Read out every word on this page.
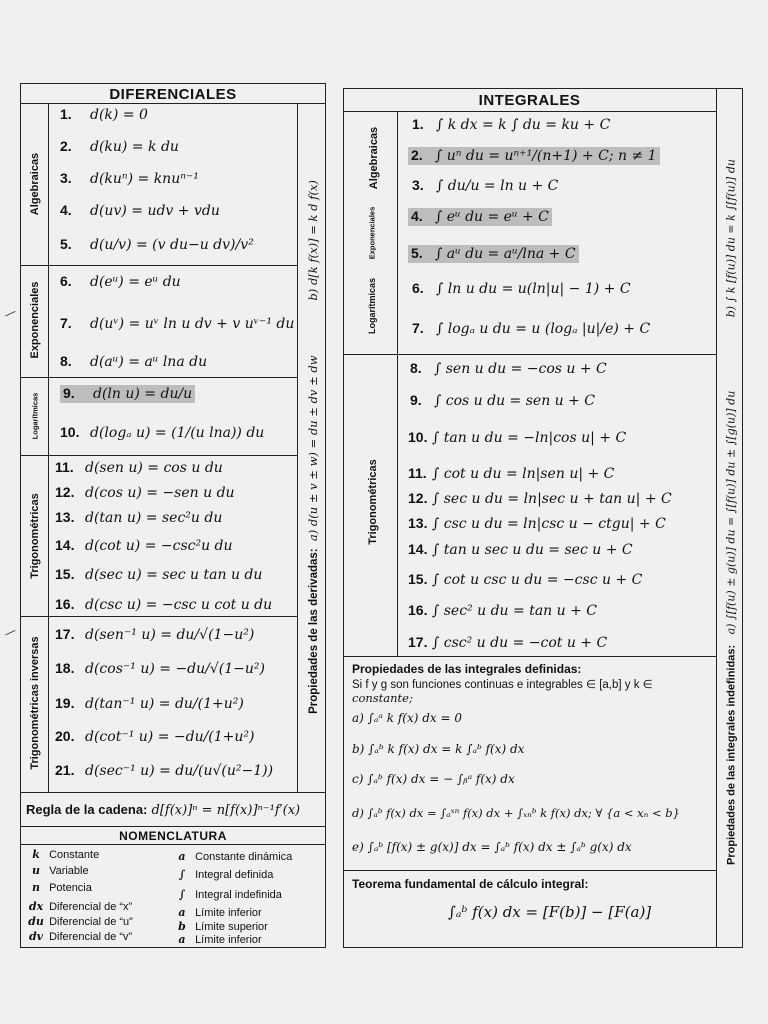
DIFERENCIALES
Algebraicas
Exponenciales
Logarítmicas
Trigonométricas
Trigonométricas inversas
1. d(k) = 0
2. d(ku) = k du
3. d(kuⁿ) = knuⁿ⁻¹
4. d(uv) = udv + vdu
5. d(u/v) = (v du−u dv)/v²
6. d(eᵘ) = eᵘ du
7. d(uᵛ) = uᵛ ln u dv + v uᵛ⁻¹ du
8. d(aᵘ) = aᵘ lna du
9. d(ln u) = du/u
10. d(logₐ u) = (1/(u lna)) du
11. d(sen u) = cos u du
12. d(cos u) = −sen u du
13. d(tan u) = sec²u du
14. d(cot u) = −csc²u du
15. d(sec u) = sec u tan u du
16. d(csc u) = −csc u cot u du
17. d(sen⁻¹ u) = du/√(1−u²)
18. d(cos⁻¹ u) = −du/√(1−u²)
19. d(tan⁻¹ u) = du/(1+u²)
20. d(cot⁻¹ u) = −du/(1+u²)
21. d(sec⁻¹ u) = du/(u√(u²−1))
Propiedades de las derivadas:  a) d(u ± v ± w) = du ± dv ± dw               b) d[k f(x)] = k d f(x)
Regla de la cadena: d[f(x)]ⁿ = n[f(x)]ⁿ⁻¹f′(x)
NOMENCLATURA
k Constante
u Variable
n Potencia
dx Diferencial de “x”
du Diferencial de “u”
dv Diferencial de “v”
a Constante dinámica
∫ Integral definida
∫ Integral indefinida
a Límite inferior
b Límite superior
a Límite inferior
—
—
INTEGRALES
Algebraicas
Exponenciales
Logarítmicas
Trigonométricas
1. ∫ k dx = k ∫ du = ku + C
2. ∫ uⁿ du = uⁿ⁺¹/(n+1) + C; n ≠ 1
3. ∫ du/u = ln u + C
4. ∫ eᵘ du = eᵘ + C
5. ∫ aᵘ du = aᵘ/lna + C
6. ∫ ln u du = u(ln|u| − 1) + C
7. ∫ logₐ u du = u (logₐ |u|/e) + C
8. ∫ sen u du = −cos u + C
9. ∫ cos u du = sen u + C
10. ∫ tan u du = −ln|cos u| + C
11. ∫ cot u du = ln|sen u| + C
12. ∫ sec u du = ln|sec u + tan u| + C
13. ∫ csc u du = ln|csc u − ctgu| + C
14. ∫ tan u sec u du = sec u + C
15. ∫ cot u csc u du = −csc u + C
16. ∫ sec² u du = tan u + C
17. ∫ csc² u du = −cot u + C
Propiedades de las integrales indefinidas:   a) ∫[f(u) ± g(u)] du = ∫[f(u)] du ± ∫[g(u)] du                     b) ∫ k [f(u)] du = k ∫[f(u)] du
Propiedades de las integrales definidas:
Si f y g son funciones continuas e integrables ∈ [a,b] y k ∈
constante;
a) ∫ₐᵃ k f(x) dx = 0
b) ∫ₐᵇ k f(x) dx = k ∫ₐᵇ f(x) dx
c) ∫ₐᵇ f(x) dx = − ∫ᵦᵃ f(x) dx
d) ∫ₐᵇ f(x) dx = ∫ₐˣⁿ f(x) dx + ∫ₓₙᵇ k f(x) dx; ∀ {a < xₙ < b}
e) ∫ₐᵇ [f(x) ± g(x)] dx = ∫ₐᵇ f(x) dx ± ∫ₐᵇ g(x) dx
Teorema fundamental de cálculo integral:
∫ₐᵇ f(x) dx = [F(b)] − [F(a)]
